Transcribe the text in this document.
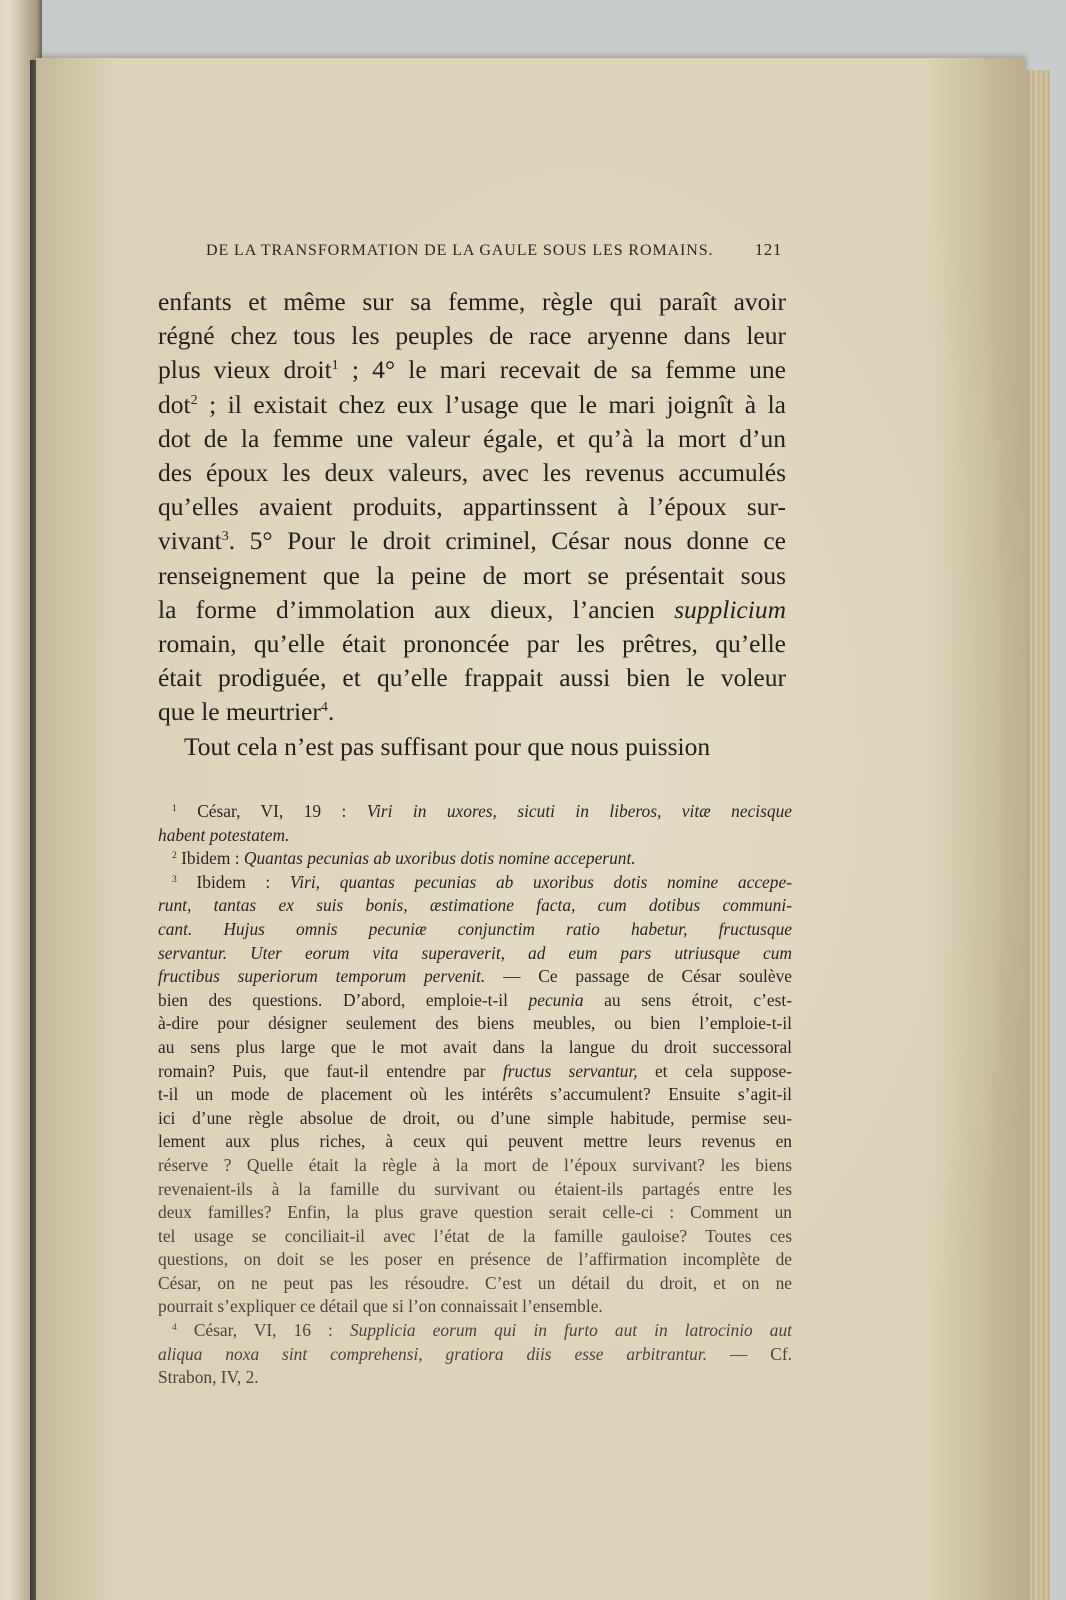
DE LA TRANSFORMATION DE LA GAULE SOUS LES ROMAINS. 121
enfants et même sur sa femme, règle qui paraît avoir
régné chez tous les peuples de race aryenne dans leur
plus vieux droit$^1$ ; 4° le mari recevait de sa femme une
dot$^2$ ; il existait chez eux l’usage que le mari joignît à la
dot de la femme une valeur égale, et qu’à la mort d’un
des époux les deux valeurs, avec les revenus accumulés
qu’elles avaient produits, appartinssent à l’époux sur-
vivant$^3$. 5° Pour le droit criminel, César nous donne ce
renseignement que la peine de mort se présentait sous
la forme d’immolation aux dieux, l’ancien supplicium
romain, qu’elle était prononcée par les prêtres, qu’elle
était prodiguée, et qu’elle frappait aussi bien le voleur
que le meurtrier$^4$.
Tout cela n’est pas suffisant pour que nous puission
$^1$ César, VI, 19 : Viri in uxores, sicuti in liberos, vitæ necisque
habent potestatem.
$^2$ Ibidem : Quantas pecunias ab uxoribus dotis nomine acceperunt.
$^3$ Ibidem : Viri, quantas pecunias ab uxoribus dotis nomine accepe-
runt, tantas ex suis bonis, æstimatione facta, cum dotibus communi-
cant. Hujus omnis pecuniæ conjunctim ratio habetur, fructusque
servantur. Uter eorum vita superaverit, ad eum pars utriusque cum
fructibus superiorum temporum pervenit. — Ce passage de César soulève
bien des questions. D’abord, emploie-t-il pecunia au sens étroit, c’est-
à-dire pour désigner seulement des biens meubles, ou bien l’emploie-t-il
au sens plus large que le mot avait dans la langue du droit successoral
romain? Puis, que faut-il entendre par fructus servantur, et cela suppose-
t-il un mode de placement où les intérêts s’accumulent? Ensuite s’agit-il
ici d’une règle absolue de droit, ou d’une simple habitude, permise seu-
lement aux plus riches, à ceux qui peuvent mettre leurs revenus en
réserve ? Quelle était la règle à la mort de l’époux survivant? les biens
revenaient-ils à la famille du survivant ou étaient-ils partagés entre les
deux familles? Enfin, la plus grave question serait celle-ci : Comment un
tel usage se conciliait-il avec l’état de la famille gauloise? Toutes ces
questions, on doit se les poser en présence de l’affirmation incomplète de
César, on ne peut pas les résoudre. C’est un détail du droit, et on ne
pourrait s’expliquer ce détail que si l’on connaissait l’ensemble.
$^4$ César, VI, 16 : Supplicia eorum qui in furto aut in latrocinio aut
aliqua noxa sint comprehensi, gratiora diis esse arbitrantur. — Cf.
Strabon, IV, 2.
